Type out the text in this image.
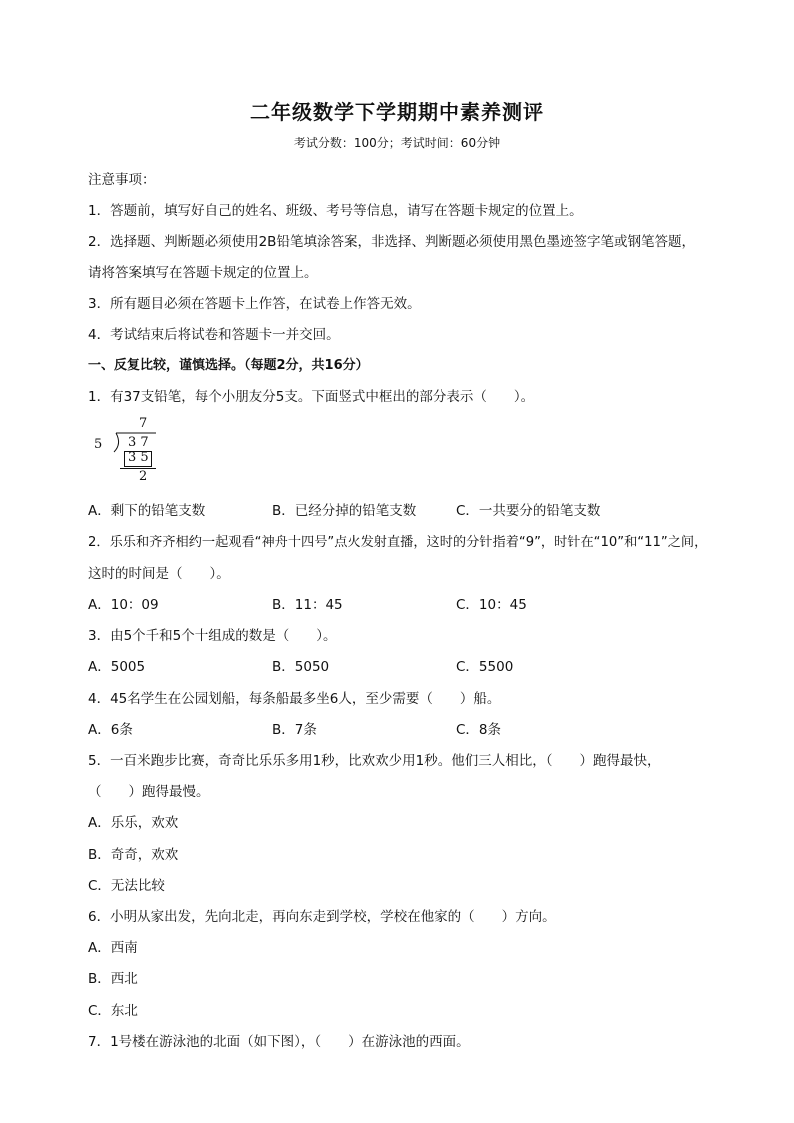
二年级数学下学期期中素养测评
考试分数：100分；考试时间：60分钟
注意事项：
1．答题前，填写好自己的姓名、班级、考号等信息，请写在答题卡规定的位置上。
2．选择题、判断题必须使用2B铅笔填涂答案，非选择、判断题必须使用黑色墨迹签字笔或钢笔答题，
请将答案填写在答题卡规定的位置上。
3．所有题目必须在答题卡上作答，在试卷上作答无效。
4．考试结束后将试卷和答题卡一并交回。
一、反复比较，谨慎选择。（每题2分，共16分）
1．有37支铅笔，每个小朋友分5支。下面竖式中框出的部分表示（　　）。
7
5 3 7
3 5
2
A．剩下的铅笔支数	B．已经分掉的铅笔支数	C．一共要分的铅笔支数
2．乐乐和齐齐相约一起观看“神舟十四号”点火发射直播，这时的分针指着“9”，时针在“10”和“11”之间，
这时的时间是（　　）。
A．10：09	B．11：45	C．10：45
3．由5个千和5个十组成的数是（　　）。
A．5005	B．5050	C．5500
4．45名学生在公园划船，每条船最多坐6人，至少需要（　　）船。
A．6条	B．7条	C．8条
5．一百米跑步比赛，奇奇比乐乐多用1秒，比欢欢少用1秒。他们三人相比，（　　）跑得最快，
（　　）跑得最慢。
A．乐乐，欢欢
B．奇奇，欢欢
C．无法比较
6．小明从家出发，先向北走，再向东走到学校，学校在他家的（　　）方向。
A．西南
B．西北
C．东北
7．1号楼在游泳池的北面（如下图），（　　）在游泳池的西面。
